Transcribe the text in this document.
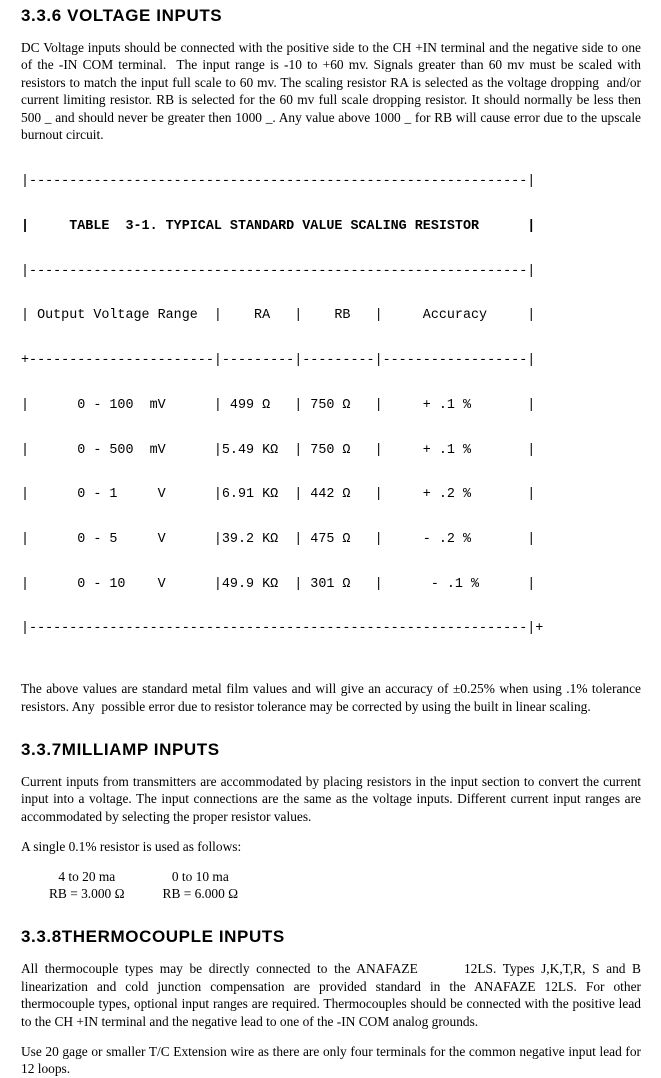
3.3.6 VOLTAGE INPUTS

DC Voltage inputs should be connected with the positive side to the CH +IN terminal and the negative side to one of the -IN COM terminal.  The input range is -10 to +60 mv. Signals greater than 60 mv must be scaled with resistors to match the input full scale to 60 mv. The scaling resistor RA is selected as the voltage dropping  and/or current limiting resistor. RB is selected for the 60 mv full scale dropping resistor. It should normally be less then 500 _ and should never be greater then 1000 _. Any value above 1000 _ for RB will cause error due to the upscale burnout circuit.

|--------------------------------------------------------------|

|     TABLE  3-1. TYPICAL STANDARD VALUE SCALING RESISTOR      |

|--------------------------------------------------------------|

| Output Voltage Range  |    RA   |    RB   |     Accuracy     |

+-----------------------|---------|---------|------------------|

|      0 - 100  mV      | 499 Ω   | 750 Ω   |     + .1 %       |

|      0 - 500  mV      |5.49 KΩ  | 750 Ω   |     + .1 %       |

|      0 - 1     V      |6.91 KΩ  | 442 Ω   |     + .2 %       |

|      0 - 5     V      |39.2 KΩ  | 475 Ω   |     - .2 %       |

|      0 - 10    V      |49.9 KΩ  | 301 Ω   |      - .1 %      |

|--------------------------------------------------------------|+

The above values are standard metal film values and will give an accuracy of ±0.25% when using .1% tolerance resistors. Any  possible error due to resistor tolerance may be corrected by using the built in linear scaling.

3.3.7MILLIAMP INPUTS

Current inputs from transmitters are accommodated by placing resistors in the input section to convert the current input into a voltage. The input connections are the same as the voltage inputs. Different current input ranges are accommodated by selecting the proper resistor values.

A single 0.1% resistor is used as follows:

4 to 20 ma
RB = 3.000 Ω
0 to 10 ma
RB = 6.000 Ω
3.3.8THERMOCOUPLE INPUTS

All thermocouple types may be directly connected to the ANAFAZE       12LS. Types J,K,T,R, S and B linearization and cold junction compensation are provided standard in the ANAFAZE 12LS. For other thermocouple types, optional input ranges are required. Thermocouples should be connected with the positive lead to the CH +IN terminal and the negative lead to one of the -IN COM analog grounds.

Use 20 gage or smaller T/C Extension wire as there are only four terminals for the common negative input lead for 12 loops.
